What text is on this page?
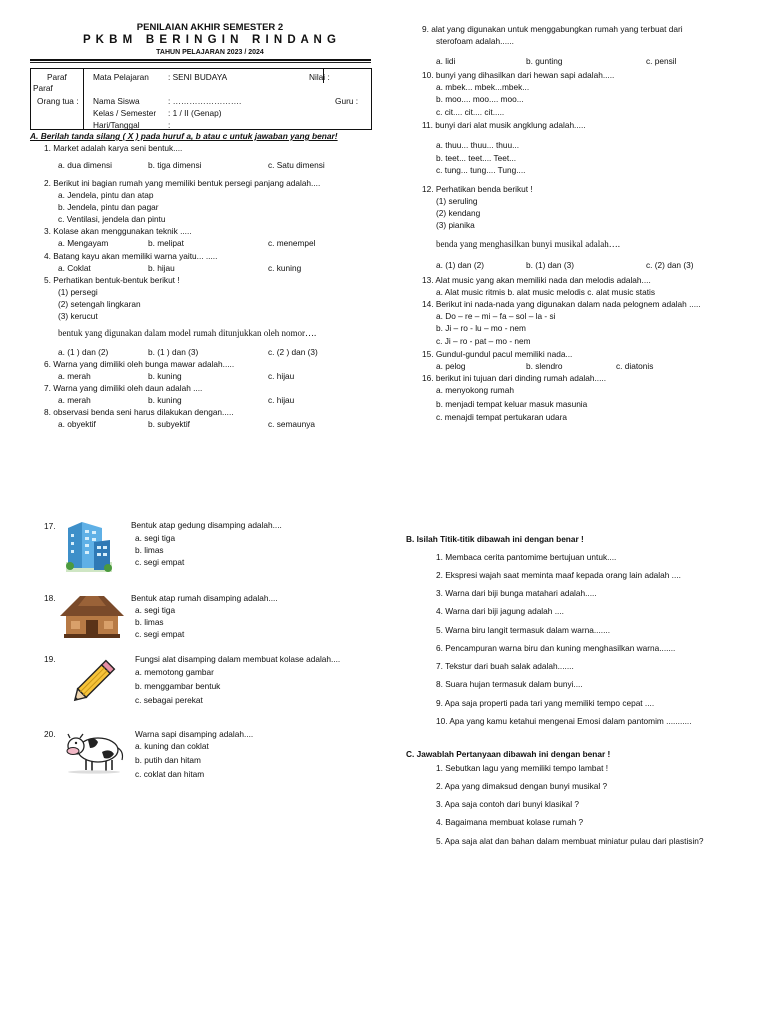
PENILAIAN AKHIR SEMESTER 2
P K B M   B E R I N G I N   R I N D A N G
TAHUN PELAJARAN 2023 / 2024
Paraf
Paraf
Orang tua :
Mata Pelajaran : SENI BUDAYA	Nilai :
Nama Siswa	: …………………….	Guru :
Kelas / Semester : 1 / II (Genap)
Hari/Tanggal	:
A. Berilah tanda silang ( X ) pada huruf a, b atau c untuk jawaban yang benar!
1. Market adalah karya seni bentuk....
a. dua dimensi	b. tiga dimensi	c. Satu dimensi
2. Berikut ini bagian rumah yang memiliki bentuk persegi panjang adalah....
a. Jendela, pintu dan atap
b. Jendela, pintu dan pagar
c. Ventilasi, jendela dan pintu
3. Kolase akan menggunakan teknik .....
a. Mengayam	b. melipat	c. menempel
4. Batang kayu akan memiliki warna yaitu... .....
a. Coklat	b. hijau	c. kuning
5. Perhatikan bentuk-bentuk berikut !
(1) persegi
(2) setengah lingkaran
(3) kerucut
bentuk yang digunakan dalam model rumah ditunjukkan oleh nomor….
a. (1 ) dan (2)	b. (1 ) dan (3)	c. (2 ) dan (3)
6. Warna yang dimiliki oleh bunga mawar adalah.....
a. merah	b. kuning	c. hijau
7. Warna yang dimiliki oleh daun adalah ....
a. merah	b. kuning	c. hijau
8. observasi benda seni harus dilakukan dengan.....
a. obyektif	b. subyektif	c. semaunya
9. alat yang digunakan untuk menggabungkan rumah yang terbuat dari
sterofoam adalah......
a. lidi	b. gunting	c. pensil
10. bunyi yang dihasilkan dari hewan sapi adalah.....
a. mbek... mbek...mbek...
b. moo.... moo.... moo...
c. cit.... cit.... cit.....
11. bunyi dari alat musik angklung adalah.....
a. thuu... thuu... thuu...
b. teet... teet.... Teet...
c. tung... tung.... Tung....
12. Perhatikan benda berikut !
(1) seruling
(2) kendang
(3) pianika
benda yang menghasilkan bunyi musikal adalah….
a. (1) dan (2)	b. (1) dan (3)	c. (2) dan (3)
13. Alat music yang akan memiliki nada dan melodis adalah....
a. Alat music ritmis b. alat music melodis c. alat music statis
14. Berikut ini nada-nada yang digunakan dalam nada pelognem adalah .....
a. Do – re – mi – fa – sol – la - si
b. Ji – ro - lu – mo - nem
c. Ji – ro - pat – mo - nem
15. Gundul-gundul pacul memiliki nada...
a. pelog	b. slendro	c. diatonis
16. berikut ini tujuan dari dinding rumah adalah.....
a. menyokong rumah
b. menjadi tempat keluar masuk masunia
c. menajdi tempat pertukaran udara
17.	Bentuk atap gedung disamping adalah....
a. segi tiga
b. limas
c. segi empat
18.	Bentuk atap rumah disamping adalah....
a. segi tiga
b. limas
c. segi empat
19.	Fungsi alat disamping dalam membuat kolase adalah....
a. memotong gambar
b. menggambar bentuk
c. sebagai perekat
20.	Warna sapi disamping adalah....
a. kuning dan coklat
b. putih dan hitam
c. coklat dan hitam
B. Isilah Titik-titik dibawah ini dengan benar !
1. Membaca cerita pantomime bertujuan untuk....
2. Ekspresi wajah saat meminta maaf kepada orang lain adalah ....
3. Warna dari biji bunga matahari adalah.....
4. Warna dari biji jagung adalah ....
5. Warna biru langit termasuk dalam warna.......
6. Pencampuran warna biru dan kuning menghasilkan warna.......
7. Tekstur dari buah salak adalah.......
8. Suara hujan termasuk dalam bunyi....
9. Apa saja properti pada tari yang memiliki tempo cepat ....
10. Apa yang kamu ketahui mengenai Emosi dalam pantomim ...........
C. Jawablah Pertanyaan dibawah ini dengan benar !
1. Sebutkan lagu yang memiliki tempo lambat !
2. Apa yang dimaksud dengan bunyi musikal ?
3. Apa saja contoh dari bunyi klasikal ?
4. Bagaimana membuat kolase rumah ?
5. Apa saja alat dan bahan dalam membuat miniatur pulau dari plastisin?
